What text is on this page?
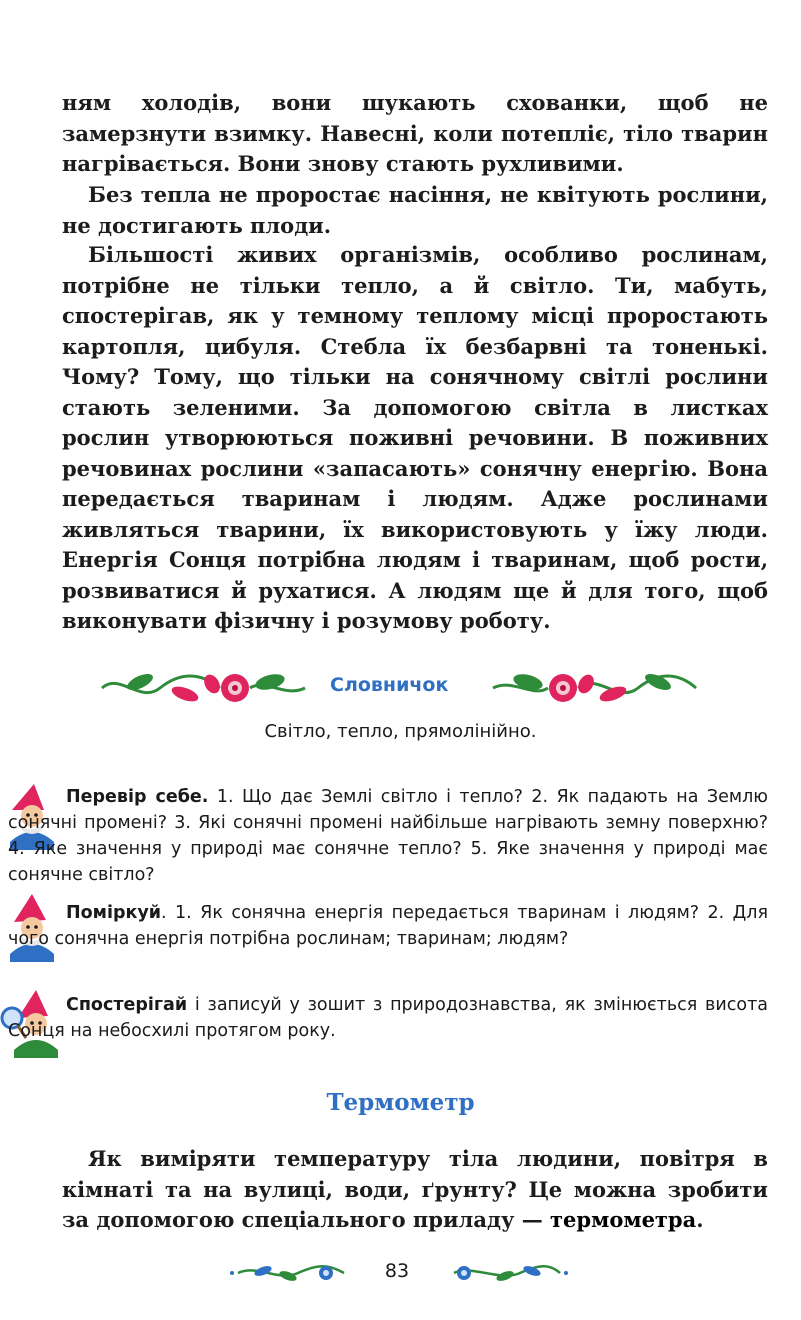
ням холодів, вони шукають схованки, щоб не замерзнути взимку. Навесні, коли потепліє, тіло тварин нагрівається. Вони знову стають рухливими.

Без тепла не проростає насіння, не квітують рослини, не достигають плоди.

Більшості живих організмів, особливо рослинам, потрібне не тільки тепло, а й світло. Ти, мабуть, спостерігав, як у темному теплому місці проростають картопля, цибуля. Стебла їх безбарвні та тоненькі. Чому? Тому, що тільки на сонячному світлі рослини стають зеленими. За допомогою світла в листках рослин утворюються поживні речовини. В поживних речовинах рослини «запасають» сонячну енергію. Вона передається тваринам і людям. Адже рослинами живляться тварини, їх використовують у їжу люди. Енергія Сонця потрібна людям і тваринам, щоб рости, розвиватися й рухатися. А людям ще й для того, щоб виконувати фізичну і розумову роботу.

Словничок
Світло, тепло, прямолінійно.
Перевір себе. 1. Що дає Землі світло і тепло? 2. Як падають на Землю сонячні промені? 3. Які сонячні промені найбільше нагрівають земну поверхню? 4. Яке значення у природі має сонячне тепло? 5. Яке значення у природі має сонячне світло?
Поміркуй. 1. Як сонячна енергія передається тваринам і людям? 2. Для чого сонячна енергія потрібна рослинам; тваринам; людям?
Спостерігай і записуй у зошит з природознавства, як змінюється висота Сонця на небосхилі протягом року.
Термометр

Як виміряти температуру тіла людини, повітря в кімнаті та на вулиці, води, ґрунту? Це можна зробити за допомогою спеціального приладу — термометра.

83
